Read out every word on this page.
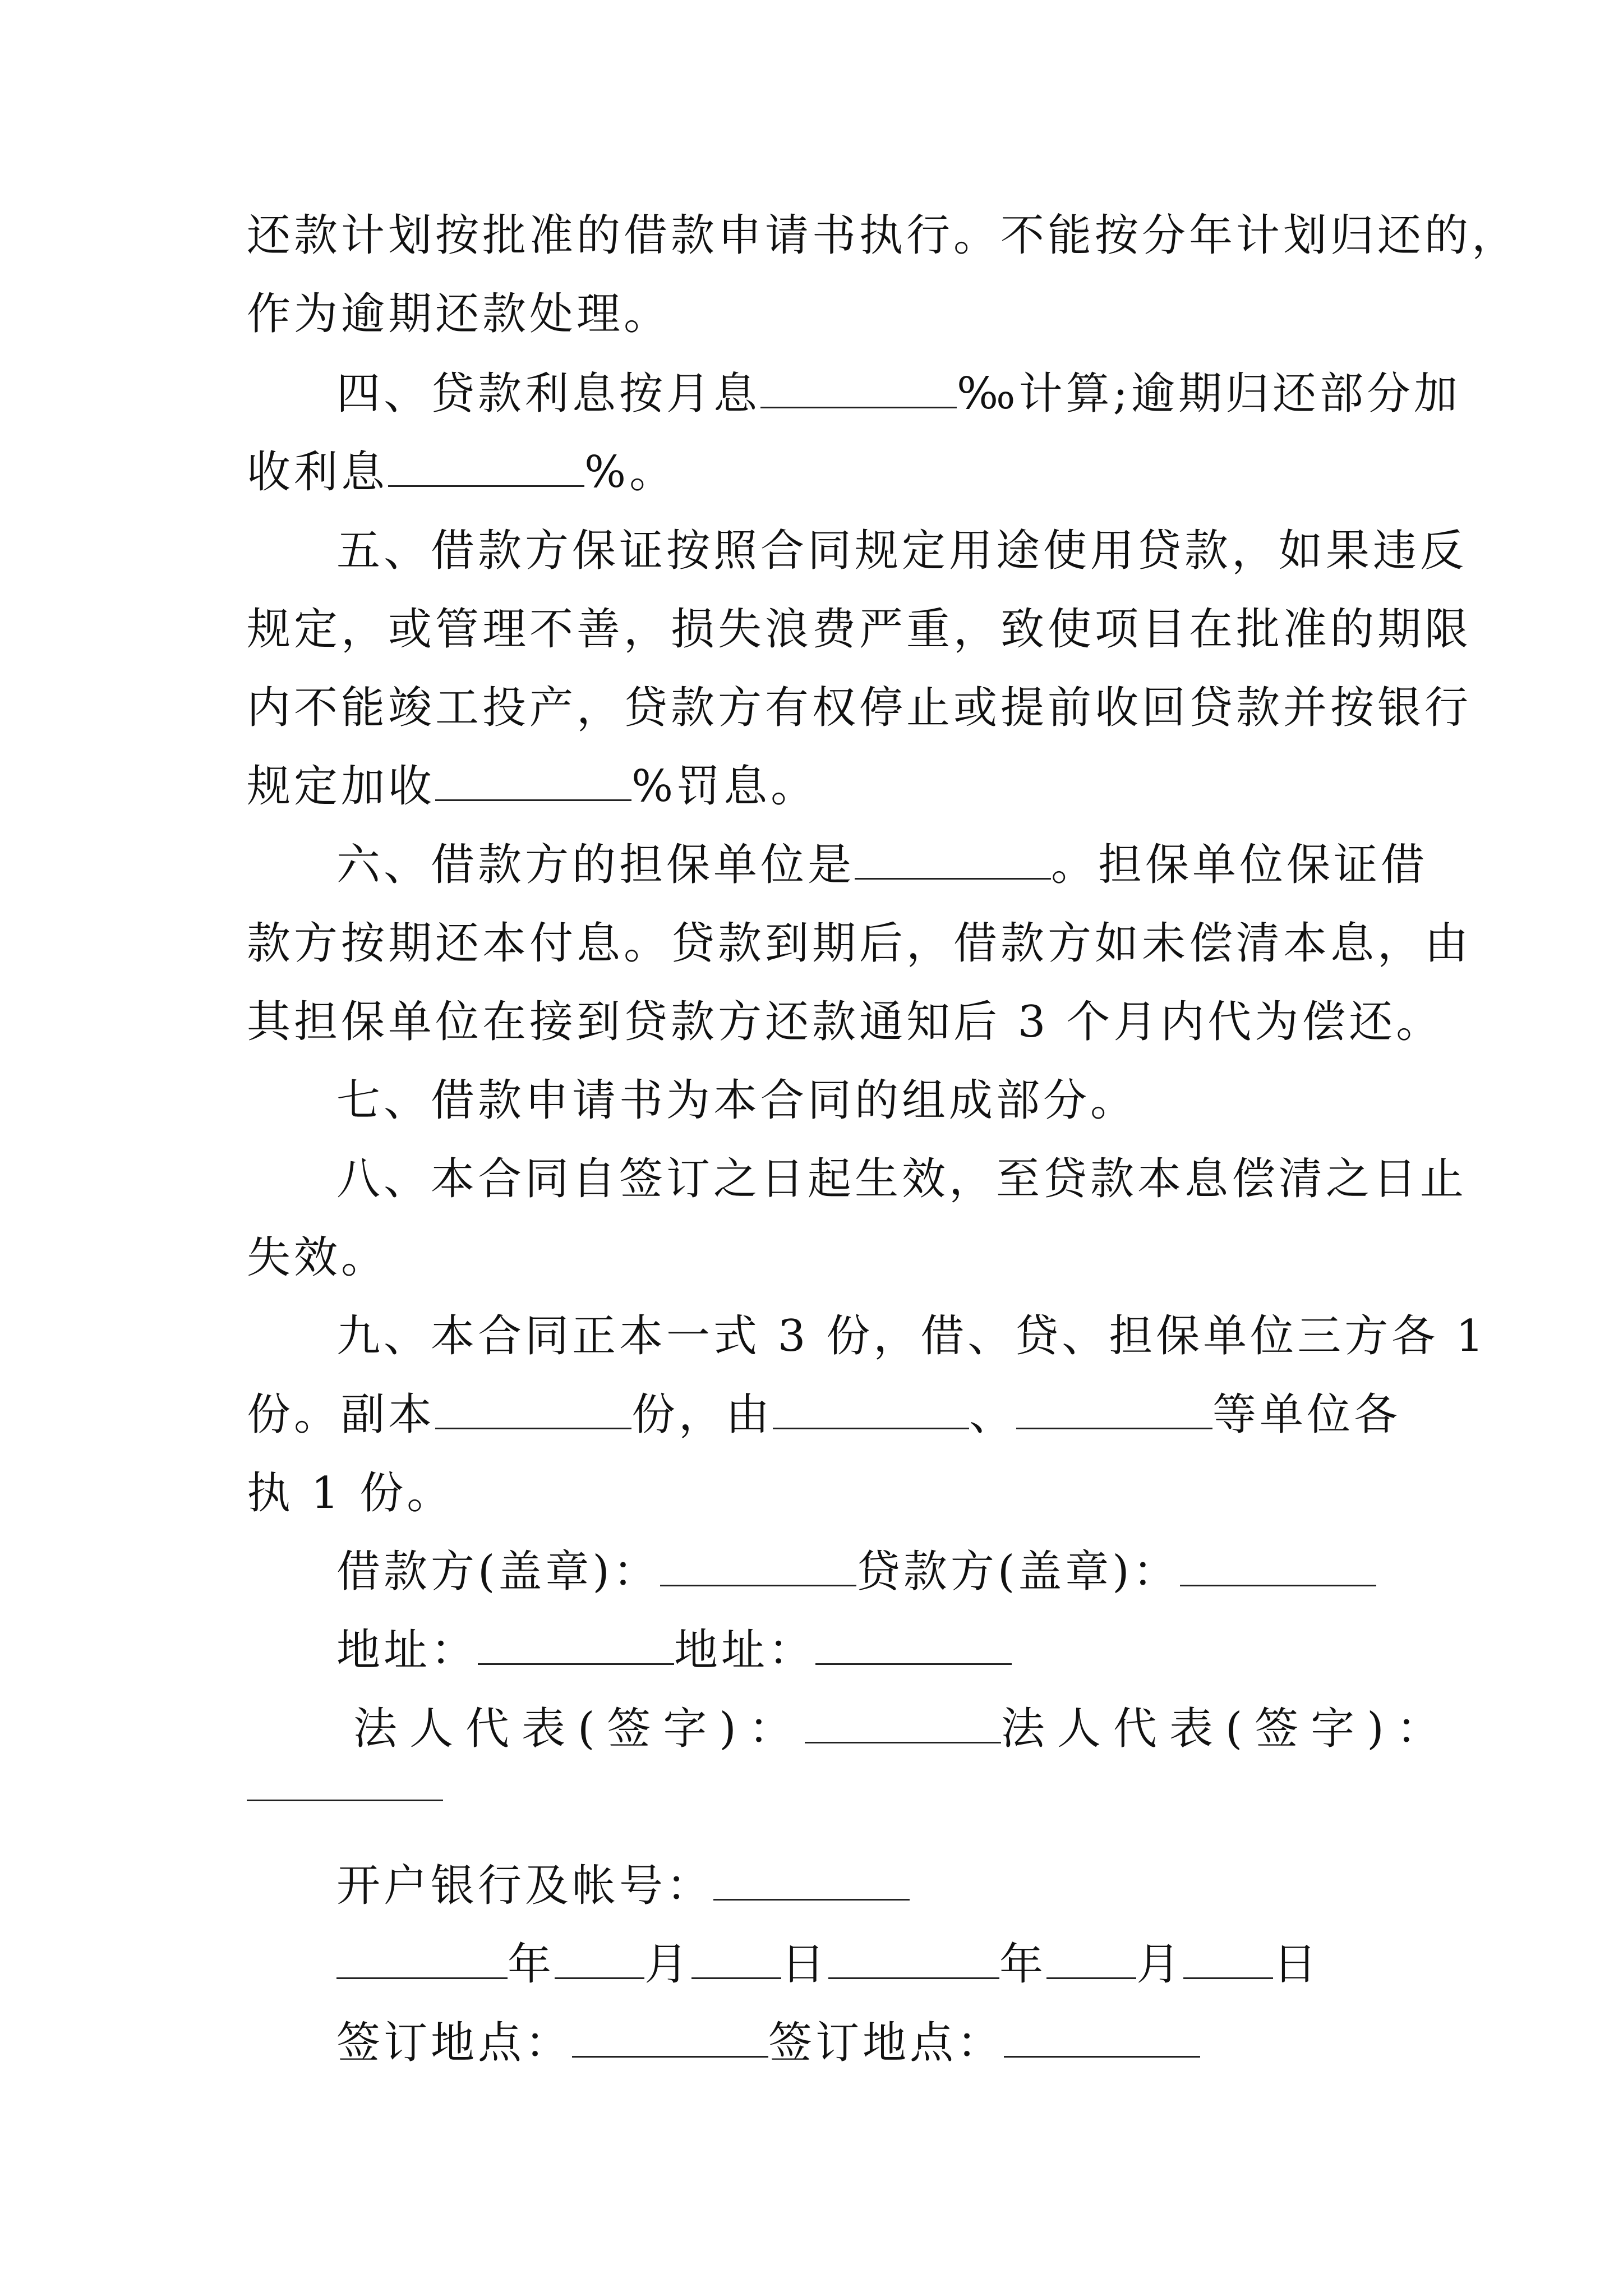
还款计划按批准的借款申请书执行。不能按分年计划归还的，

作为逾期还款处理。

四、贷款利息按月息	‰计算;逾期归还部分加

收利息	%。

五、借款方保证按照合同规定用途使用贷款，如果违反

规定，或管理不善，损失浪费严重，致使项目在批准的期限

内不能竣工投产，贷款方有权停止或提前收回贷款并按银行

规定加收	%罚息。

六、借款方的担保单位是	。担保单位保证借

款方按期还本付息。贷款到期后，借款方如未偿清本息，由

其担保单位在接到贷款方还款通知后 3 个月内代为偿还。

七、借款申请书为本合同的组成部分。

八、本合同自签订之日起生效，至贷款本息偿清之日止

失效。

九、本合同正本一式 3 份，借、贷、担保单位三方各 1

份。副本	份，由	、	等单位各

执 1 份。

借款方(盖章)：	贷款方(盖章)：

地址：	地址：

法人代表(签字)：	法人代表(签字)：

开户银行及帐号：

年 月 日	年 月 日

签订地点：	签订地点：
